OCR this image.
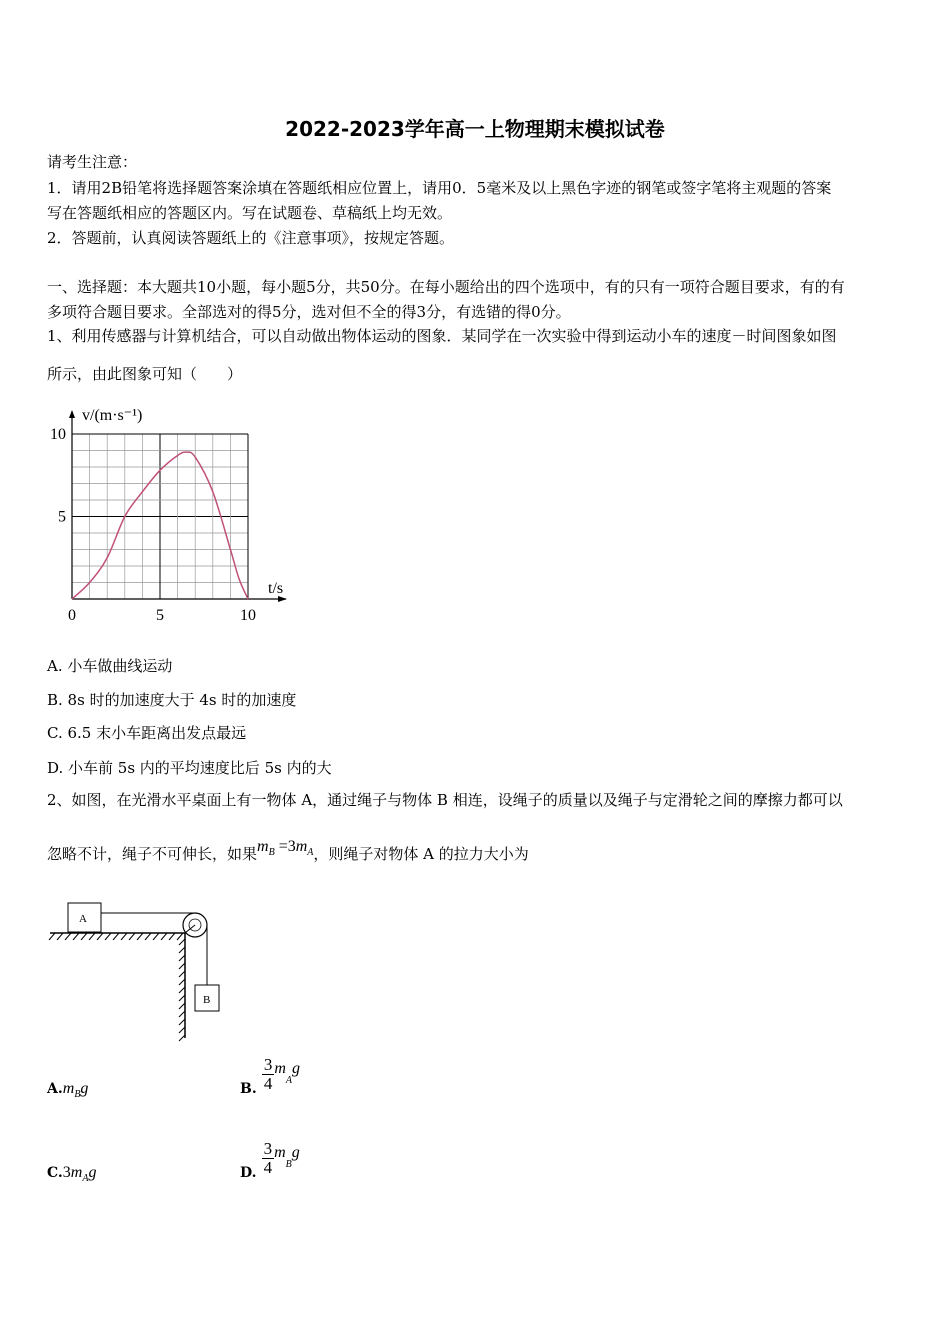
2022-2023学年高一上物理期末模拟试卷
请考生注意：
1．请用2B铅笔将选择题答案涂填在答题纸相应位置上，请用0．5毫米及以上黑色字迹的钢笔或签字笔将主观题的答案
写在答题纸相应的答题区内。写在试题卷、草稿纸上均无效。
2．答题前，认真阅读答题纸上的《注意事项》，按规定答题。
一、选择题：本大题共10小题，每小题5分，共50分。在每小题给出的四个选项中，有的只有一项符合题目要求，有的有
多项符合题目要求。全部选对的得5分，选对但不全的得3分，有选错的得0分。
1、利用传感器与计算机结合，可以自动做出物体运动的图象．某同学在一次实验中得到运动小车的速度－时间图象如图
所示，由此图象可知（　　）
v/(m·s⁻¹)
t/s
0	5	10
5
10
A. 小车做曲线运动
B. 8s 时的加速度大于 4s 时的加速度
C. 6.5 末小车距离出发点最远
D. 小车前 5s 内的平均速度比后 5s 内的大
2、如图，在光滑水平桌面上有一物体 A，通过绳子与物体 B 相连，设绳子的质量以及绳子与定滑轮之间的摩擦力都可以
忽略不计，绳子不可伸长，如果$m_B =3m_A$，则绳子对物体 A 的拉力大小为
A
B
$A.m_Bg$	B. $\frac{3}{4} m_Ag$
$C.3m_Ag$	D. $\frac{3}{4} m_Bg$
